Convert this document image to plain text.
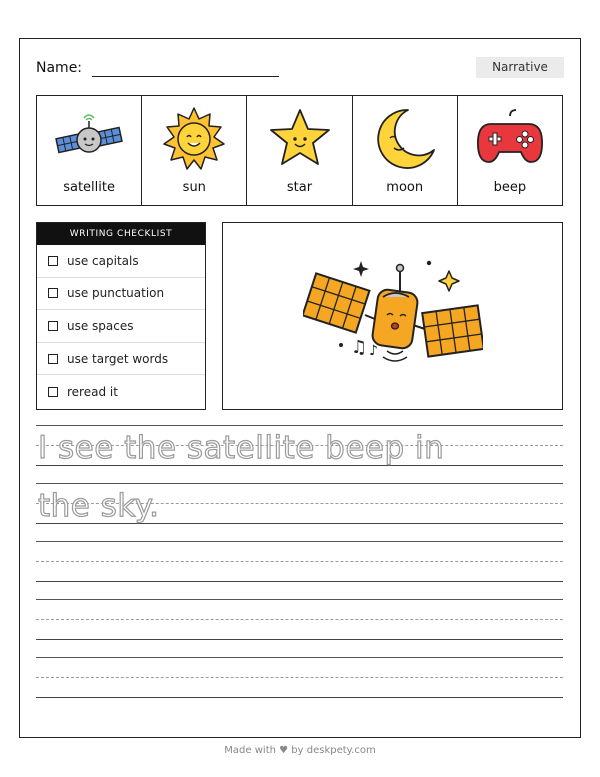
Name:	Narrative
satellite	sun	star	moon	beep
WRITING CHECKLIST
use capitals
use punctuation
use spaces
use target words
reread it
♫ ♪
I see the satellite beep in
the sky.
Made with ♥ by deskpety.com
